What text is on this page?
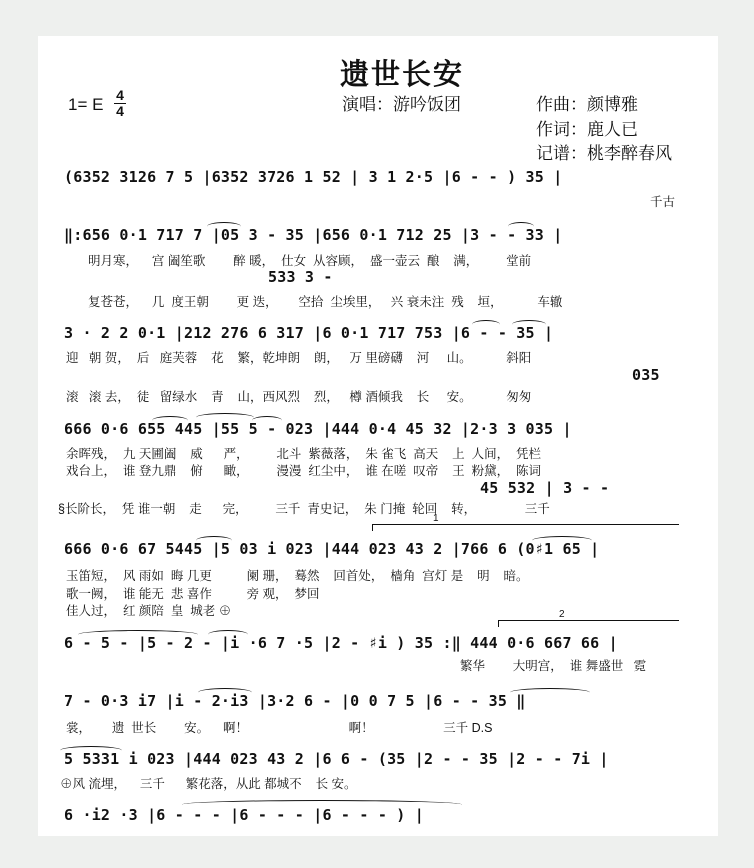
遗世长安
1= E 4
4	演唱：游吟饭团	作曲：颜博雅
作词：鹿人已
记谱：桃李醉春风
(6352 3126 7 5 |6352 3726 1 52 | 3 1 2·5 |6 - - ) 35 |
千古
‖:656 0·1 717 7 |05 3 - 35 |656 0·1 712 25 |3 - - 33 |
明月寒，    宫 阖笙歌        醉 暖，  仕女  从容顾，  盛一壶云  酿    满，        堂前
533 3 -
复苍苍，    几  度王朝        更 迭，      空拾  尘埃里，   兴 衰未注  残    垣，          车辙
3 · 2 2 0·1 |212 276 6 317 |6 0·1 717 753 |6 - - 35 |
迎   朝 贺，  后   庭芙蓉    花    繁，乾坤朗    朗，   万 里磅礴    河     山。          斜阳
035
滚   滚 去，  徒   留绿水    青    山，西风烈    烈，   樽 酒倾我    长     安。          匆匆
666 0·6 655 445 |55 5 - 023 |444 0·4 45 32 |2·3 3 035 |
余晖残，  九 天圃阖    威      严，        北斗  紫薇落，  朱 雀飞  高天    上  人间，  凭栏
戏台上，  谁 登九鼎    俯      瞰，        漫漫  红尘中，  谁 在嗟  叹帝    王  粉黛，  陈词
45 532 | 3 - -
§长阶长，  凭 谁一朝    走      完，        三千  青史记，  朱 门掩  轮回    转，              三千
1
666 0·6 67 5445 |5 03 i 023 |444 023 43 2 |766 6 (0♯1 65 |
玉笛短，  风 雨如  晦 几更          阑 珊，  蓦然    回首处，  樯角  宫灯 是    明    暗。
歌一阙，  谁 能无  悲 喜作          旁 观，  梦回
佳人过，  红 颜陪  皇  城老 ⊕	2
6 - 5 - |5 - 2 - |i ·6 7 ·5 |2 - ♯i ) 35 :‖ 444 0·6 667 66 |
繁华        大明宫，  谁 舞盛世   霓
7 - 0·3 i7 |i - 2·i3 |3·2 6 - |0 0 7 5 |6 - - 35 ‖
裳，      遗  世长        安。    啊！                             啊！                    三千 D.S
5 5331 i 023 |444 023 43 2 |6 6 - (35 |2 - - 35 |2 - - 7i |
⊕风 流埋，    三千      繁花落，从此 都城不    长 安。
6 ·i2 ·3 |6 - - - |6 - - - |6 - - - ) |
